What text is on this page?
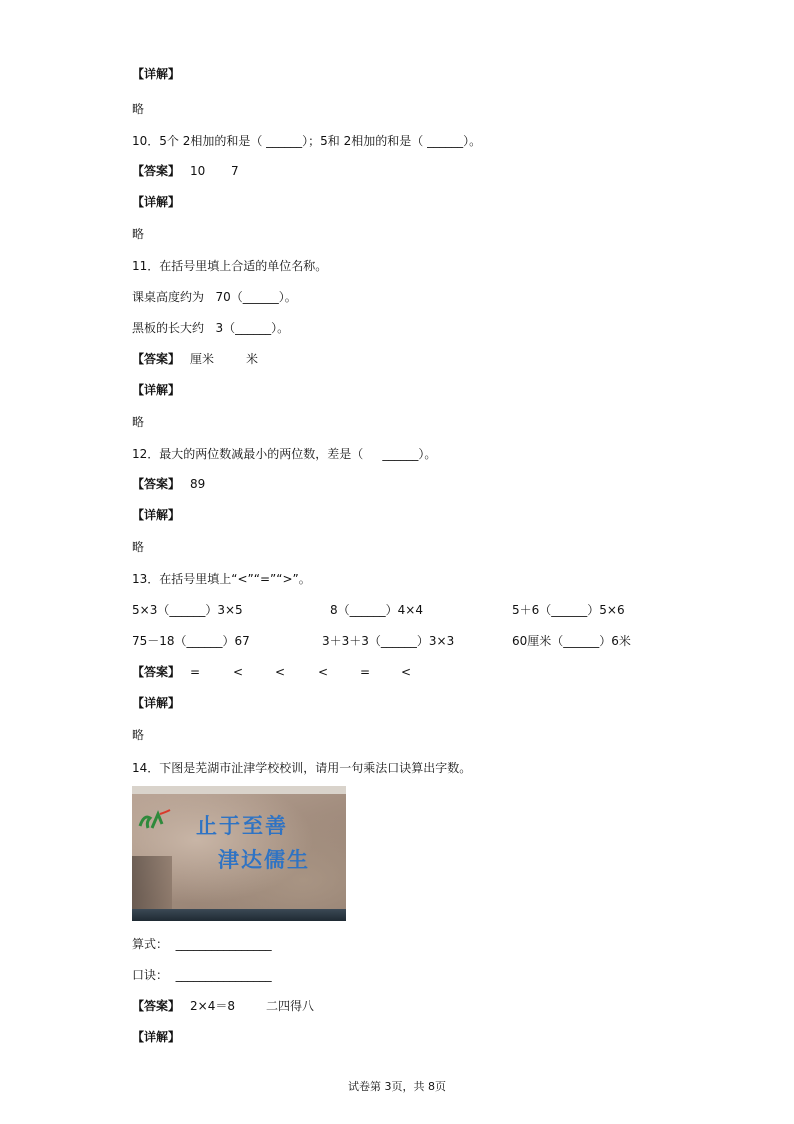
【详解】
略
10．5个 2相加的和是（ ______）；5和 2相加的和是（ ______）。
【答案】 10 7
【详解】
略
11．在括号里填上合适的单位名称。
课桌高度约为   70（______）。
黑板的长大约   3（______）。
【答案】 厘米	米
【详解】
略
12．最大的两位数减最小的两位数，差是（     ______）。
【答案】 89
【详解】
略
13．在括号里填上“<”“=”“>”。
5×3（______）3×5	8（______）4×4	5＋6（______）5×6
75－18（______）67	3＋3＋3（______）3×3	60厘米（______）6米
【答案】 =	<	<	<	=	<
【详解】
略
14．下图是芜湖市沚津学校校训，请用一句乘法口诀算出字数。
止于至善
津达儒生
算式：  ________________
口诀：  ________________
【答案】 2×4＝8	二四得八
【详解】
试卷第 3页，共 8页
